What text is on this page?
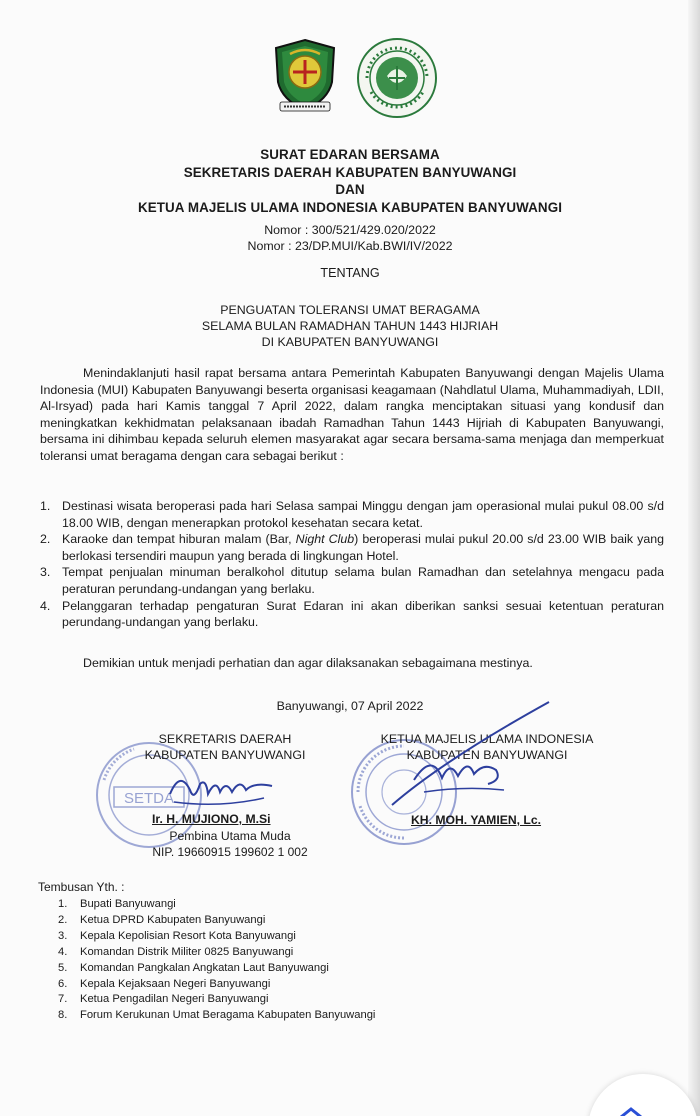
SURAT EDARAN BERSAMA
SEKRETARIS DAERAH KABUPATEN BANYUWANGI
DAN
KETUA MAJELIS ULAMA INDONESIA KABUPATEN BANYUWANGI
Nomor : 300/521/429.020/2022
Nomor : 23/DP.MUI/Kab.BWI/IV/2022
TENTANG
PENGUATAN TOLERANSI UMAT BERAGAMA
SELAMA BULAN RAMADHAN TAHUN 1443 HIJRIAH
DI KABUPATEN BANYUWANGI
Menindaklanjuti hasil rapat bersama antara Pemerintah Kabupaten Banyuwangi dengan Majelis Ulama Indonesia (MUI) Kabupaten Banyuwangi beserta organisasi keagamaan (Nahdlatul Ulama, Muhammadiyah, LDII, Al-Irsyad) pada hari Kamis tanggal 7 April 2022, dalam rangka menciptakan situasi yang kondusif dan meningkatkan kekhidmatan pelaksanaan ibadah Ramadhan Tahun 1443 Hijriah di Kabupaten Banyuwangi, bersama ini dihimbau kepada seluruh elemen masyarakat agar secara bersama-sama menjaga dan memperkuat toleransi umat beragama dengan cara sebagai berikut :
1. Destinasi wisata beroperasi pada hari Selasa sampai Minggu dengan jam operasional mulai pukul 08.00 s/d 18.00 WIB, dengan menerapkan protokol kesehatan secara ketat.
2. Karaoke dan tempat hiburan malam (Bar, Night Club) beroperasi mulai pukul 20.00 s/d 23.00 WIB baik yang berlokasi tersendiri maupun yang berada di lingkungan Hotel.
3. Tempat penjualan minuman beralkohol ditutup selama bulan Ramadhan dan setelahnya mengacu pada peraturan perundang-undangan yang berlaku.
4. Pelanggaran terhadap pengaturan Surat Edaran ini akan diberikan sanksi sesuai ketentuan peraturan perundang-undangan yang berlaku.
Demikian untuk menjadi perhatian dan agar dilaksanakan sebagaimana mestinya.
Banyuwangi, 07 April 2022
SETDA
SEKRETARIS DAERAH
KABUPATEN BANYUWANGI
KETUA MAJELIS ULAMA INDONESIA
KABUPATEN BANYUWANGI
Ir. H. MUJIONO, M.Si
Pembina Utama Muda
NIP. 19660915 199602 1 002
KH. MOH. YAMIEN, Lc.
Tembusan Yth. :
1.	Bupati Banyuwangi
2.	Ketua DPRD Kabupaten Banyuwangi
3.	Kepala Kepolisian Resort Kota Banyuwangi
4.	Komandan Distrik Militer 0825 Banyuwangi
5.	Komandan Pangkalan Angkatan Laut Banyuwangi
6.	Kepala Kejaksaan Negeri Banyuwangi
7.	Ketua Pengadilan Negeri Banyuwangi
8.	Forum Kerukunan Umat Beragama Kabupaten Banyuwangi
